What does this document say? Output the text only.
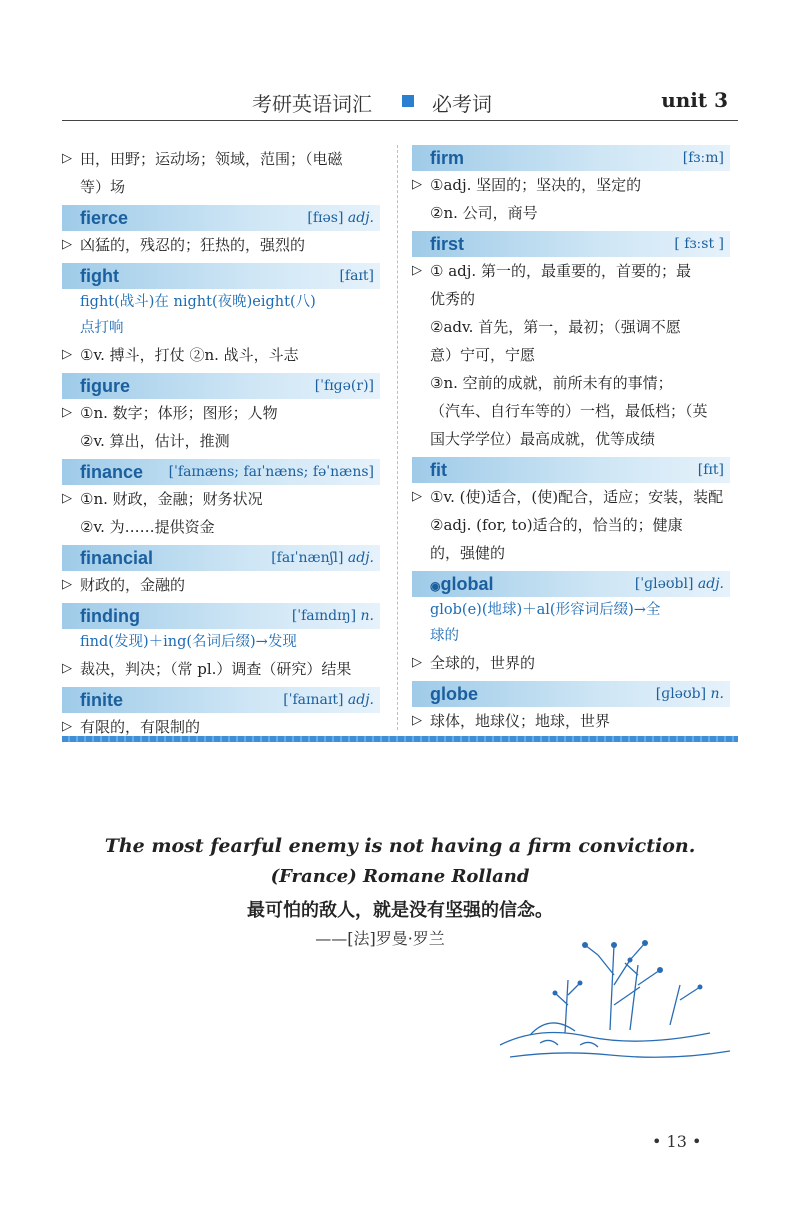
考研英语词汇	必考词	unit 3
▷ 田，田野；运动场；领域，范围；（电磁
等）场
fierce	[fɪəs] adj.
▷ 凶猛的，残忍的；狂热的，强烈的
fight	[faɪt]
fight(战斗)在 night(夜晚)eight(八)
点打响
▷ ①v. 搏斗，打仗 ②n. 战斗，斗志
figure	[ˈfɪɡə(r)]
▷ ①n. 数字；体形；图形；人物
②v. 算出，估计，推测
finance [ˈfaɪnæns; faɪˈnæns; fəˈnæns]
▷ ①n. 财政，金融；财务状况
②v. 为……提供资金
financial	[faɪˈnænʃl] adj.
▷ 财政的，金融的
finding	[ˈfaɪndɪŋ] n.
find(发现)＋ing(名词后缀)→发现
▷ 裁决，判决；（常 pl.）调查（研究）结果
finite	[ˈfaɪnaɪt] adj.
▷ 有限的，有限制的
firm	[fɜːm]
▷ ①adj. 坚固的；坚决的，坚定的
②n. 公司，商号
first	[ fɜːst ]
▷ ① adj. 第一的，最重要的，首要的；最
优秀的
②adv. 首先，第一，最初；（强调不愿
意）宁可，宁愿
③n. 空前的成就，前所未有的事情；
（汽车、自行车等的）一档，最低档；（英
国大学学位）最高成就，优等成绩
fit	[fɪt]
▷ ①v. (使)适合，(使)配合，适应；安装，装配
②adj. (for, to)适合的，恰当的；健康
的，强健的
◉global	[ˈɡləʊbl] adj.
glob(e)(地球)＋al(形容词后缀)→全
球的
▷ 全球的，世界的
globe	[ɡləʊb] n.
▷ 球体，地球仪；地球，世界
The most fearful enemy is not having a firm conviction.
(France) Romane Rolland
最可怕的敌人，就是没有坚强的信念。
——[法]罗曼·罗兰
• 13 •
